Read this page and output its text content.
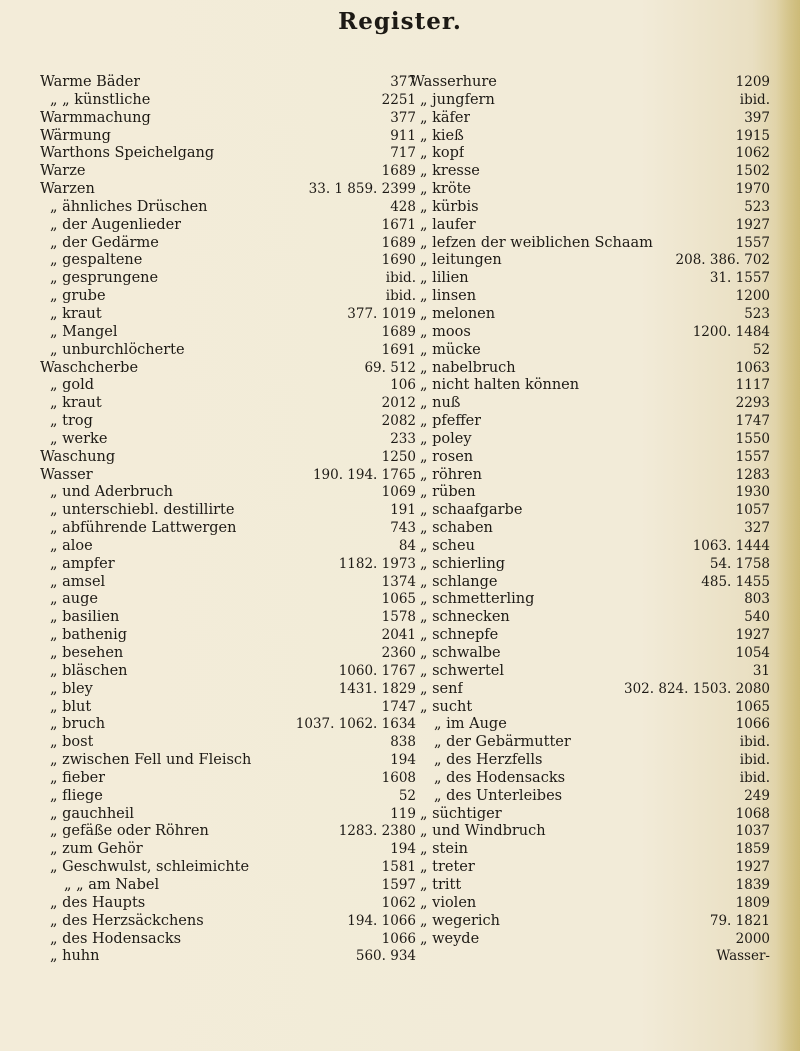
Register.
Warme Bäder	377
„ „ künstliche	2251
Warmmachung	377
Wärmung	911
Warthons Speichelgang	717
Warze	1689
Warzen	33. 1 859. 2399
„ ähnliches Drüschen	428
„ der Augenlieder	1671
„ der Gedärme	1689
„ gespaltene	1690
„ gesprungene	ibid.
„ grube	ibid.
„ kraut	377. 1019
„ Mangel	1689
„ unburchlöcherte	1691
Waschcherbe	69. 512
„ gold	106
„ kraut	2012
„ trog	2082
„ werke	233
Waschung	1250
Wasser	190. 194. 1765
„ und Aderbruch	1069
„ unterschiebl. destillirte	191
„ abführende Lattwergen	743
„ aloe	84
„ ampfer	1182. 1973
„ amsel	1374
„ auge	1065
„ basilien	1578
„ bathenig	2041
„ besehen	2360
„ bläschen	1060. 1767
„ bley	1431. 1829
„ blut	1747
„ bruch	1037. 1062. 1634
„ bost	838
„ zwischen Fell und Fleisch	194
„ fieber	1608
„ fliege	52
„ gauchheil	119
„ gefäße oder Röhren	1283. 2380
„ zum Gehör	194
„ Geschwulst, schleimichte	1581
„ „ am Nabel	1597
„ des Haupts	1062
„ des Herzsäckchens	194. 1066
„ des Hodensacks	1066
„ huhn	560. 934
Wasserhure	1209
„ jungfern	ibid.
„ käfer	397
„ kieß	1915
„ kopf	1062
„ kresse	1502
„ kröte	1970
„ kürbis	523
„ laufer	1927
„ lefzen der weiblichen Schaam	1557
„ leitungen	208. 386. 702
„ lilien	31. 1557
„ linsen	1200
„ melonen	523
„ moos	1200. 1484
„ mücke	52
„ nabelbruch	1063
„ nicht halten können	1117
„ nuß	2293
„ pfeffer	1747
„ poley	1550
„ rosen	1557
„ röhren	1283
„ rüben	1930
„ schaafgarbe	1057
„ schaben	327
„ scheu	1063. 1444
„ schierling	54. 1758
„ schlange	485. 1455
„ schmetterling	803
„ schnecken	540
„ schnepfe	1927
„ schwalbe	1054
„ schwertel	31
„ senf	302. 824. 1503. 2080
„ sucht	1065
„ im Auge	1066
„ der Gebärmutter	ibid.
„ des Herzfells	ibid.
„ des Hodensacks	ibid.
„ des Unterleibes	249
„ süchtiger	1068
„ und Windbruch	1037
„ stein	1859
„ treter	1927
„ tritt	1839
„ violen	1809
„ wegerich	79. 1821
„ weyde	2000
Wasser-
